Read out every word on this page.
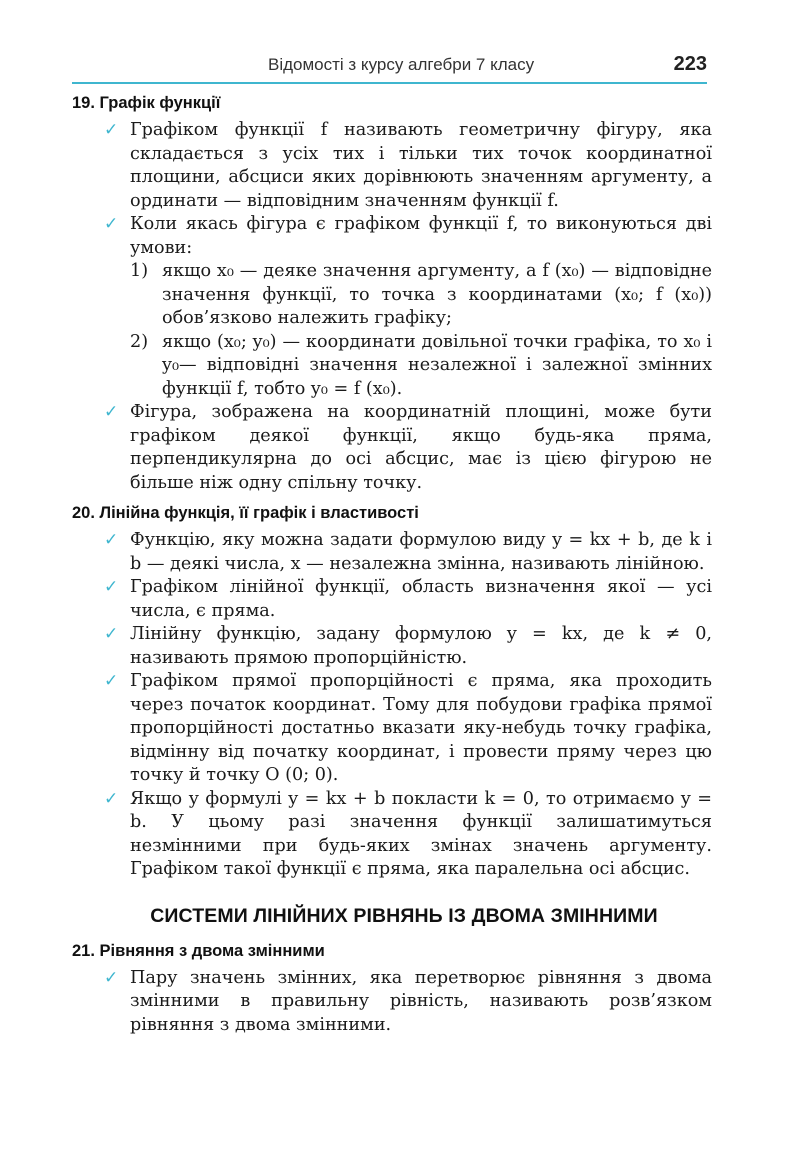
Відомості з курсу алгебри 7 класу	223
19. Графік функції

✓ Графіком функції f називають геометричну фігуру, яка складається з усіх тих і тільки тих точок координатної площини, абсциси яких дорівнюють значенням аргументу, а ординати — відповідним значенням функції f.

✓ Коли якась фігура є графіком функції f, то виконуються дві умови:

1) якщо x₀ — деяке значення аргументу, а f (x₀) — відповідне значення функції, то точка з координатами (x₀; f (x₀)) обов’язково належить графіку;

2) якщо (x₀; y₀) — координати довільної точки графіка, то x₀ і y₀— відповідні значення незалежної і залежної змінних функції f, тобто y₀ = f (x₀).

✓ Фігура, зображена на координатній площині, може бути графіком деякої функції, якщо будь-яка пряма, перпендикулярна до осі абсцис, має із цією фігурою не більше ніж одну спільну точку.

20. Лінійна функція, її графік і властивості

✓ Функцію, яку можна задати формулою виду y = kx + b, де k і b — деякі числа, x — незалежна змінна, називають лінійною.

✓ Графіком лінійної функції, область визначення якої — усі числа, є пряма.

✓ Лінійну функцію, задану формулою y = kx, де k ≠ 0, називають прямою пропорційністю.

✓ Графіком прямої пропорційності є пряма, яка проходить через початок координат. Тому для побудови графіка прямої пропорційності достатньо вказати яку-небудь точку графіка, відмінну від початку координат, і провести пряму через цю точку й точку O (0; 0).

✓ Якщо у формулі y = kx + b покласти k = 0, то отримаємо y = b. У цьому разі значення функції залишатимуться незмінними при будь-яких змінах значень аргументу. Графіком такої функції є пряма, яка паралельна осі абсцис.

СИСТЕМИ ЛІНІЙНИХ РІВНЯНЬ ІЗ ДВОМА ЗМІННИМИ
21. Рівняння з двома змінними

✓ Пару значень змінних, яка перетворює рівняння з двома змінними в правильну рівність, називають розв’язком рівняння з двома змінними.
